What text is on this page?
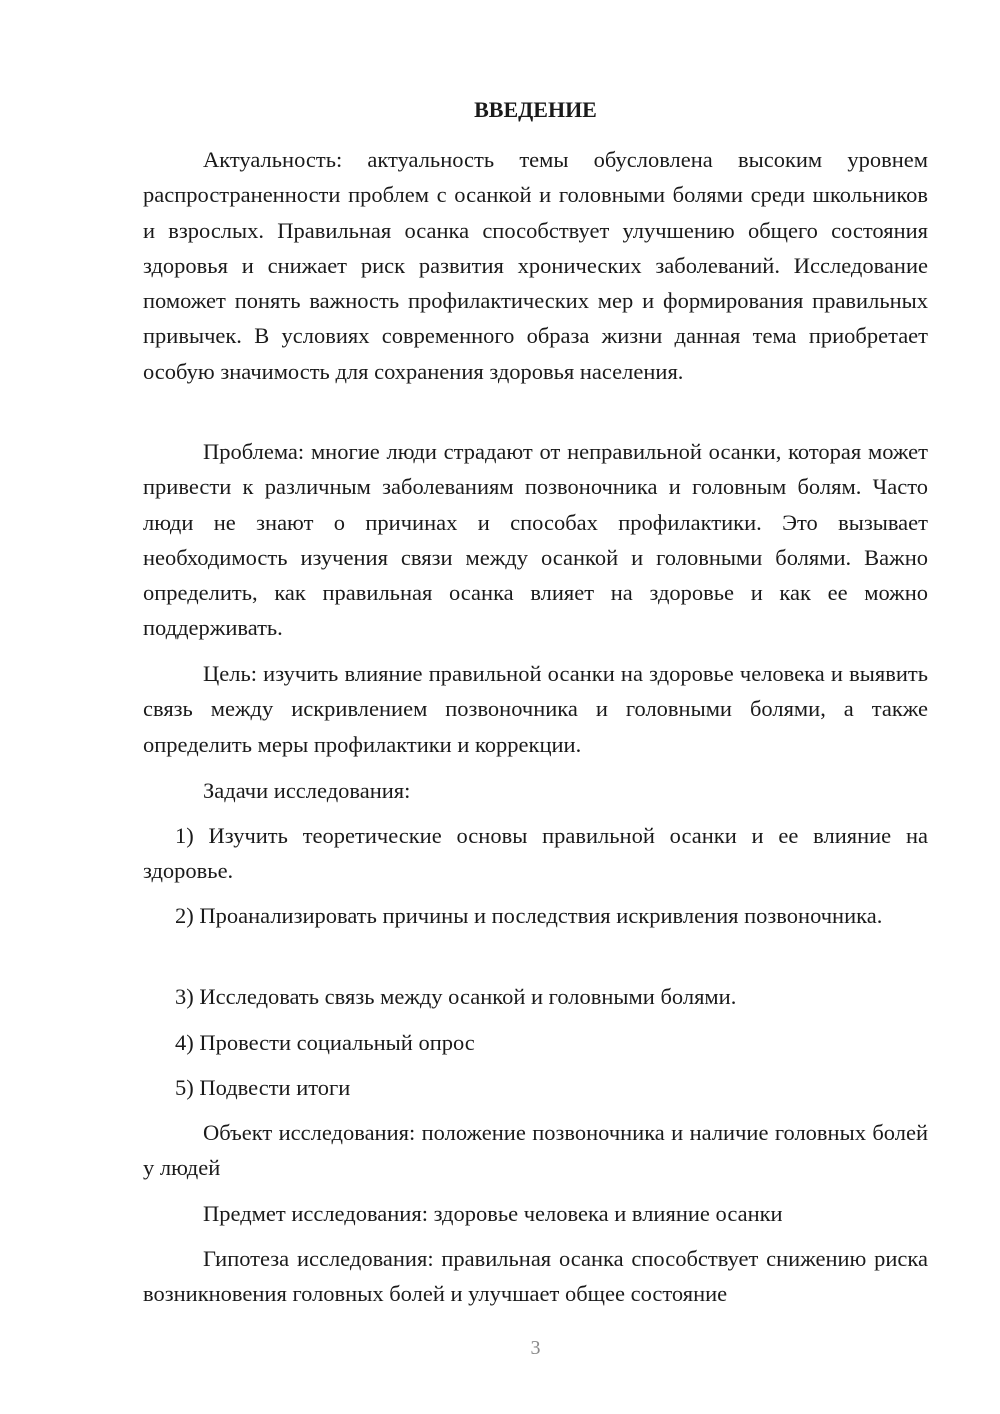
ВВЕДЕНИЕ

Актуальность: актуальность темы обусловлена высоким уровнем распространенности проблем с осанкой и головными болями среди школьников и взрослых. Правильная осанка способствует улучшению общего состояния здоровья и снижает риск развития хронических заболеваний. Исследование поможет понять важность профилактических мер и формирования правильных привычек. В условиях современного образа жизни данная тема приобретает особую значимость для сохранения здоровья населения.

Проблема: многие люди страдают от неправильной осанки, которая может привести к различным заболеваниям позвоночника и головным болям. Часто люди не знают о причинах и способах профилактики. Это вызывает необходимость изучения связи между осанкой и головными болями. Важно определить, как правильная осанка влияет на здоровье и как ее можно поддерживать.

Цель: изучить влияние правильной осанки на здоровье человека и выявить связь между искривлением позвоночника и головными болями, а также определить меры профилактики и коррекции.

Задачи исследования:

1) Изучить теоретические основы правильной осанки и ее влияние на здоровье.

2) Проанализировать причины и последствия искривления позвоночника.

3) Исследовать связь между осанкой и головными болями.

4) Провести социальный опрос

5) Подвести итоги

Объект исследования: положение позвоночника и наличие головных болей у людей

Предмет исследования: здоровье человека и влияние осанки

Гипотеза исследования: правильная осанка способствует снижению риска возникновения головных болей и улучшает общее состояние

3
